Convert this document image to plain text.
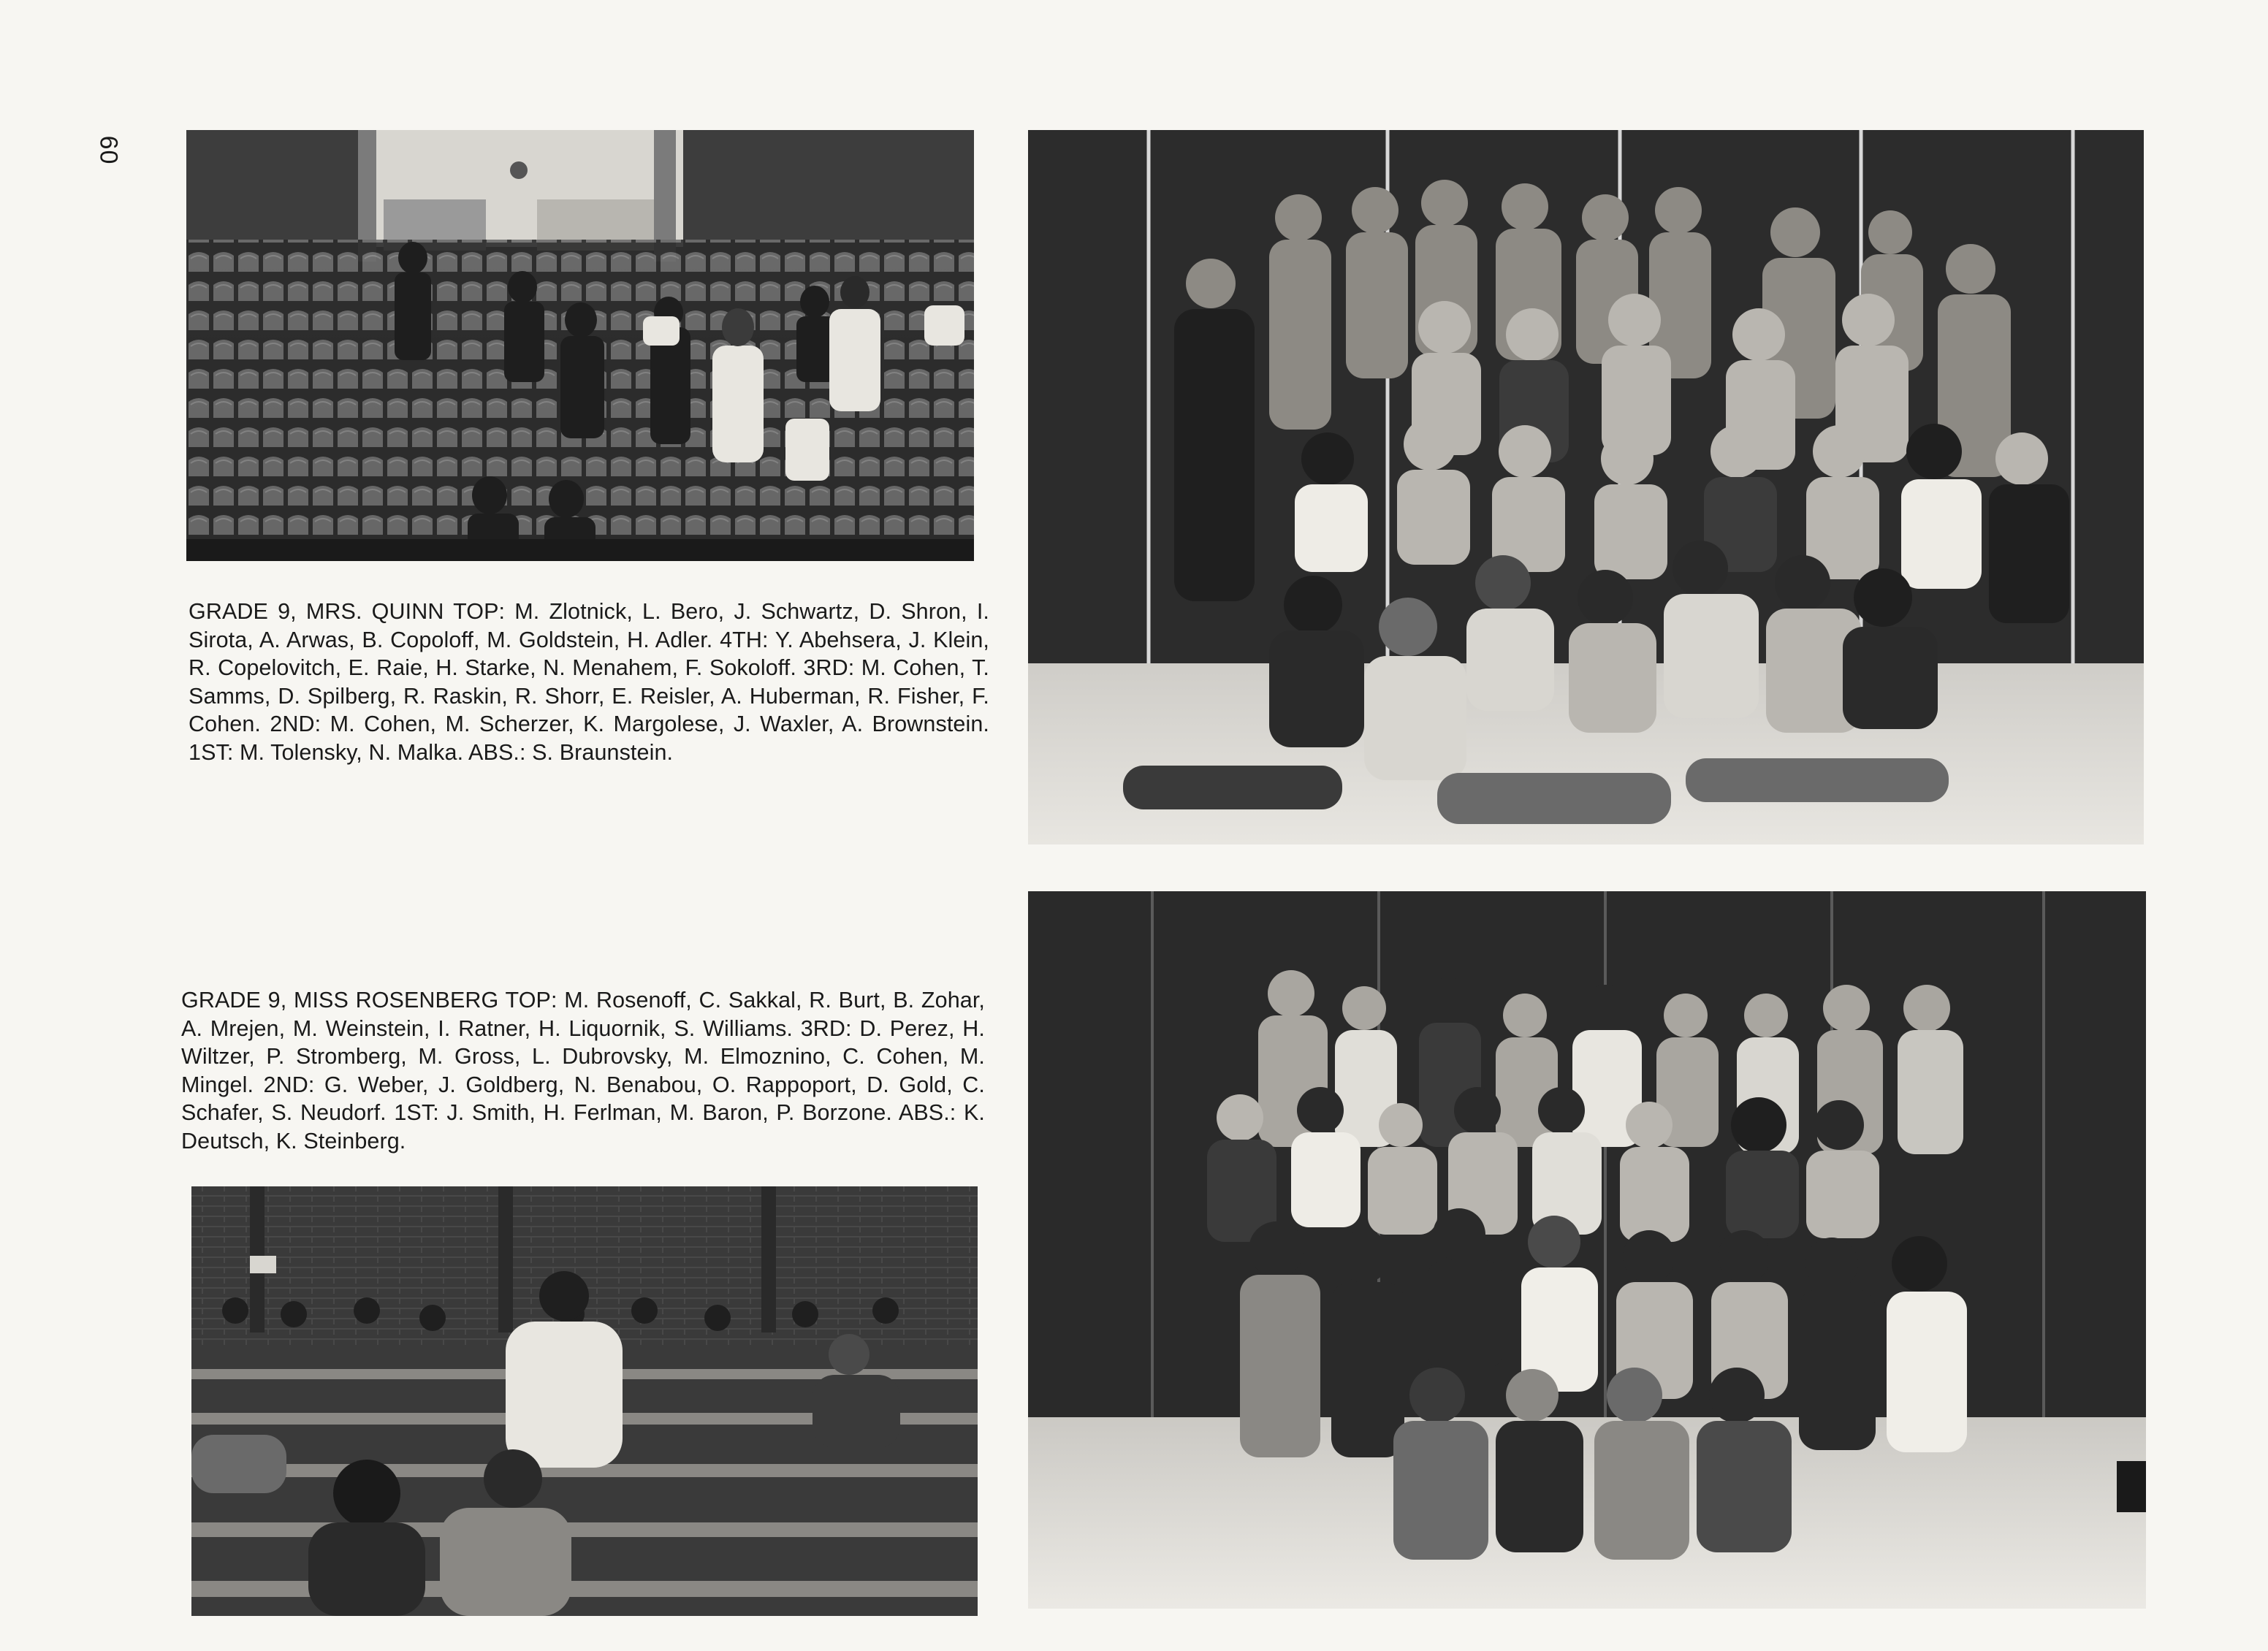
60
GRADE 9, MRS. QUINN TOP: M. Zlotnick, L. Bero, J. Schwartz, D. Shron, I. Sirota, A. Arwas, B. Copoloff, M. Goldstein, H. Adler. 4TH: Y. Abehsera, J. Klein, R. Copelovitch, E. Raie, H. Starke, N. Menahem, F. Sokoloff. 3RD: M. Cohen, T. Samms, D. Spilberg, R. Raskin, R. Shorr, E. Reisler, A. Huberman, R. Fisher, F. Cohen. 2ND: M. Cohen, M. Scherzer, K. Margolese, J. Waxler, A. Brownstein. 1ST: M. Tolensky, N. Malka. ABS.: S. Braunstein.
GRADE 9, MISS ROSENBERG TOP: M. Rosenoff, C. Sakkal, R. Burt, B. Zohar, A. Mrejen, M. Weinstein, I. Ratner, H. Liquornik, S. Williams. 3RD: D. Perez, H. Wiltzer, P. Stromberg, M. Gross, L. Dubrovsky, M. Elmoznino, C. Cohen, M. Mingel. 2ND: G. Weber, J. Goldberg, N. Benabou, O. Rappoport, D. Gold, C. Schafer, S. Neudorf. 1ST: J. Smith, H. Ferlman, M. Baron, P. Borzone. ABS.: K. Deutsch, K. Steinberg.
